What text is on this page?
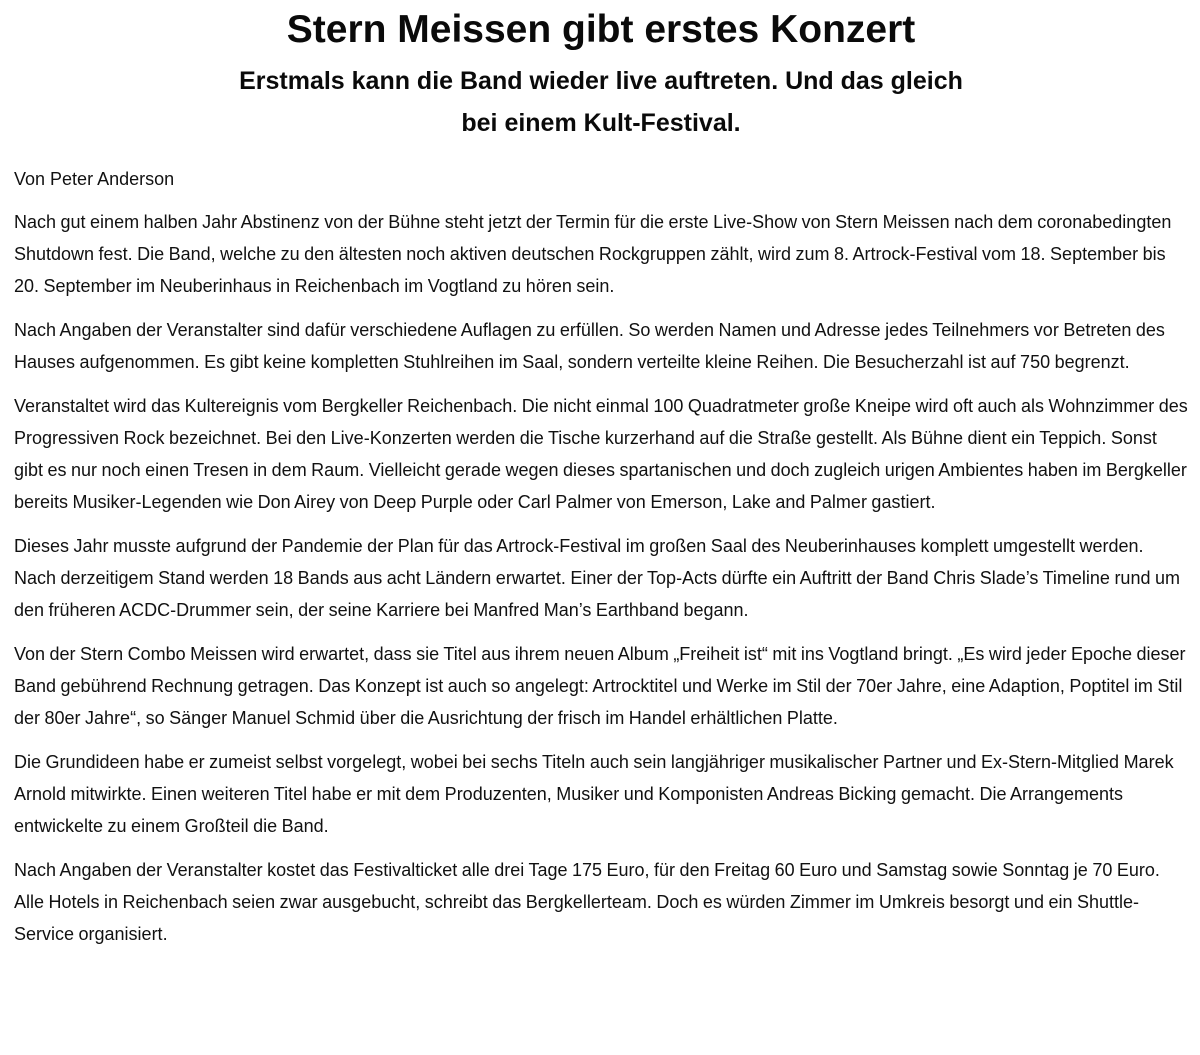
Stern Meissen gibt erstes Konzert
Erstmals kann die Band wieder live auftreten. Und das gleich bei einem Kult-Festival.

Von Peter Anderson

Nach gut einem halben Jahr Abstinenz von der Bühne steht jetzt der Termin für die erste Live-Show von Stern Meissen nach dem coronabedingten Shutdown fest. Die Band, welche zu den ältesten noch aktiven deutschen Rockgruppen zählt, wird zum 8. Artrock-Festival vom 18. September bis 20. September im Neuberinhaus in Reichenbach im Vogtland zu hören sein.

Nach Angaben der Veranstalter sind dafür verschiedene Auflagen zu erfüllen. So werden Namen und Adresse jedes Teilnehmers vor Betreten des Hauses aufgenommen. Es gibt keine kompletten Stuhlreihen im Saal, sondern verteilte kleine Reihen. Die Besucherzahl ist auf 750 begrenzt.

Veranstaltet wird das Kultereignis vom Bergkeller Reichenbach. Die nicht einmal 100 Quadratmeter große Kneipe wird oft auch als Wohnzimmer des Progressiven Rock bezeichnet. Bei den Live-Konzerten werden die Tische kurzerhand auf die Straße gestellt. Als Bühne dient ein Teppich. Sonst gibt es nur noch einen Tresen in dem Raum. Vielleicht gerade wegen dieses spartanischen und doch zugleich urigen Ambientes haben im Bergkeller bereits Musiker-Legenden wie Don Airey von Deep Purple oder Carl Palmer von Emerson, Lake and Palmer gastiert.

Dieses Jahr musste aufgrund der Pandemie der Plan für das Artrock-Festival im großen Saal des Neuberinhauses komplett umgestellt werden. Nach derzeitigem Stand werden 18 Bands aus acht Ländern erwartet. Einer der Top-Acts dürfte ein Auftritt der Band Chris Slade’s Timeline rund um den früheren ACDC-Drummer sein, der seine Karriere bei Manfred Man’s Earthband begann.

Von der Stern Combo Meissen wird erwartet, dass sie Titel aus ihrem neuen Album „Freiheit ist“ mit ins Vogtland bringt. „Es wird jeder Epoche dieser Band gebührend Rechnung getragen. Das Konzept ist auch so angelegt: Artrocktitel und Werke im Stil der 70er Jahre, eine Adaption, Poptitel im Stil der 80er Jahre“, so Sänger Manuel Schmid über die Ausrichtung der frisch im Handel erhältlichen Platte.

Die Grundideen habe er zumeist selbst vorgelegt, wobei bei sechs Titeln auch sein langjähriger musikalischer Partner und Ex-Stern-Mitglied Marek Arnold mitwirkte. Einen weiteren Titel habe er mit dem Produzenten, Musiker und Komponisten Andreas Bicking gemacht. Die Arrangements entwickelte zu einem Großteil die Band.

Nach Angaben der Veranstalter kostet das Festivalticket alle drei Tage 175 Euro, für den Freitag 60 Euro und Samstag sowie Sonntag je 70 Euro. Alle Hotels in Reichenbach seien zwar ausgebucht, schreibt das Bergkellerteam. Doch es würden Zimmer im Umkreis besorgt und ein Shuttle-Service organisiert.
